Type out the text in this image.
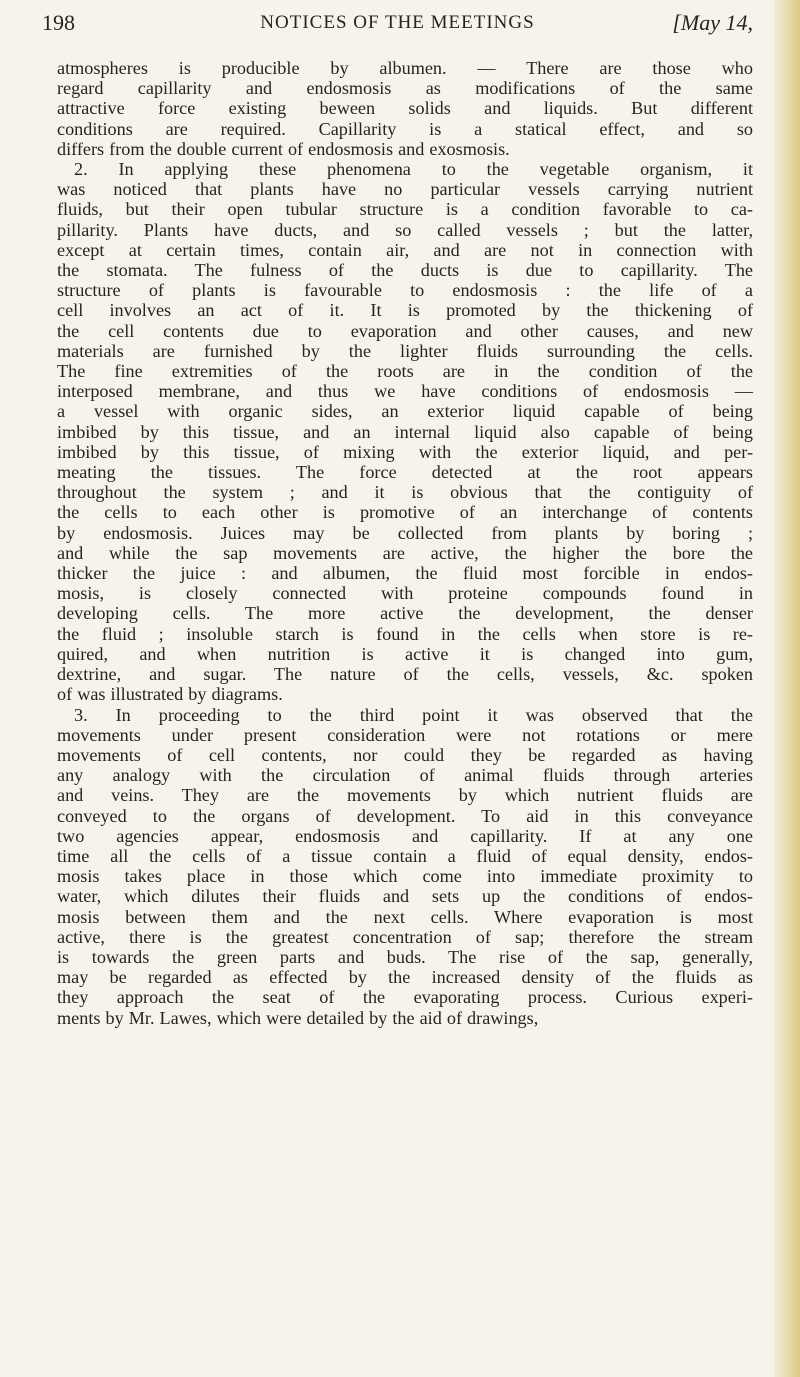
198	NOTICES OF THE MEETINGS	[May 14,
atmospheres is producible by albumen. — There are those who
regard capillarity and endosmosis as modifications of the same
attractive force existing beween solids and liquids. But different
conditions are required. Capillarity is a statical effect, and so
differs from the double current of endosmosis and exosmosis.
2. In applying these phenomena to the vegetable organism, it
was noticed that plants have no particular vessels carrying nutrient
fluids, but their open tubular structure is a condition favorable to ca-
pillarity. Plants have ducts, and so called vessels ; but the latter,
except at certain times, contain air, and are not in connection with
the stomata. The fulness of the ducts is due to capillarity. The
structure of plants is favourable to endosmosis : the life of a
cell involves an act of it. It is promoted by the thickening of
the cell contents due to evaporation and other causes, and new
materials are furnished by the lighter fluids surrounding the cells.
The fine extremities of the roots are in the condition of the
interposed membrane, and thus we have conditions of endosmosis —
a vessel with organic sides, an exterior liquid capable of being
imbibed by this tissue, and an internal liquid also capable of being
imbibed by this tissue, of mixing with the exterior liquid, and per-
meating the tissues. The force detected at the root appears
throughout the system ; and it is obvious that the contiguity of
the cells to each other is promotive of an interchange of contents
by endosmosis. Juices may be collected from plants by boring ;
and while the sap movements are active, the higher the bore the
thicker the juice : and albumen, the fluid most forcible in endos-
mosis, is closely connected with proteine compounds found in
developing cells. The more active the development, the denser
the fluid ; insoluble starch is found in the cells when store is re-
quired, and when nutrition is active it is changed into gum,
dextrine, and sugar. The nature of the cells, vessels, &c. spoken
of was illustrated by diagrams.
3. In proceeding to the third point it was observed that the
movements under present consideration were not rotations or mere
movements of cell contents, nor could they be regarded as having
any analogy with the circulation of animal fluids through arteries
and veins. They are the movements by which nutrient fluids are
conveyed to the organs of development. To aid in this conveyance
two agencies appear, endosmosis and capillarity. If at any one
time all the cells of a tissue contain a fluid of equal density, endos-
mosis takes place in those which come into immediate proximity to
water, which dilutes their fluids and sets up the conditions of endos-
mosis between them and the next cells. Where evaporation is most
active, there is the greatest concentration of sap; therefore the stream
is towards the green parts and buds. The rise of the sap, generally,
may be regarded as effected by the increased density of the fluids as
they approach the seat of the evaporating process. Curious experi-
ments by Mr. Lawes, which were detailed by the aid of drawings,
